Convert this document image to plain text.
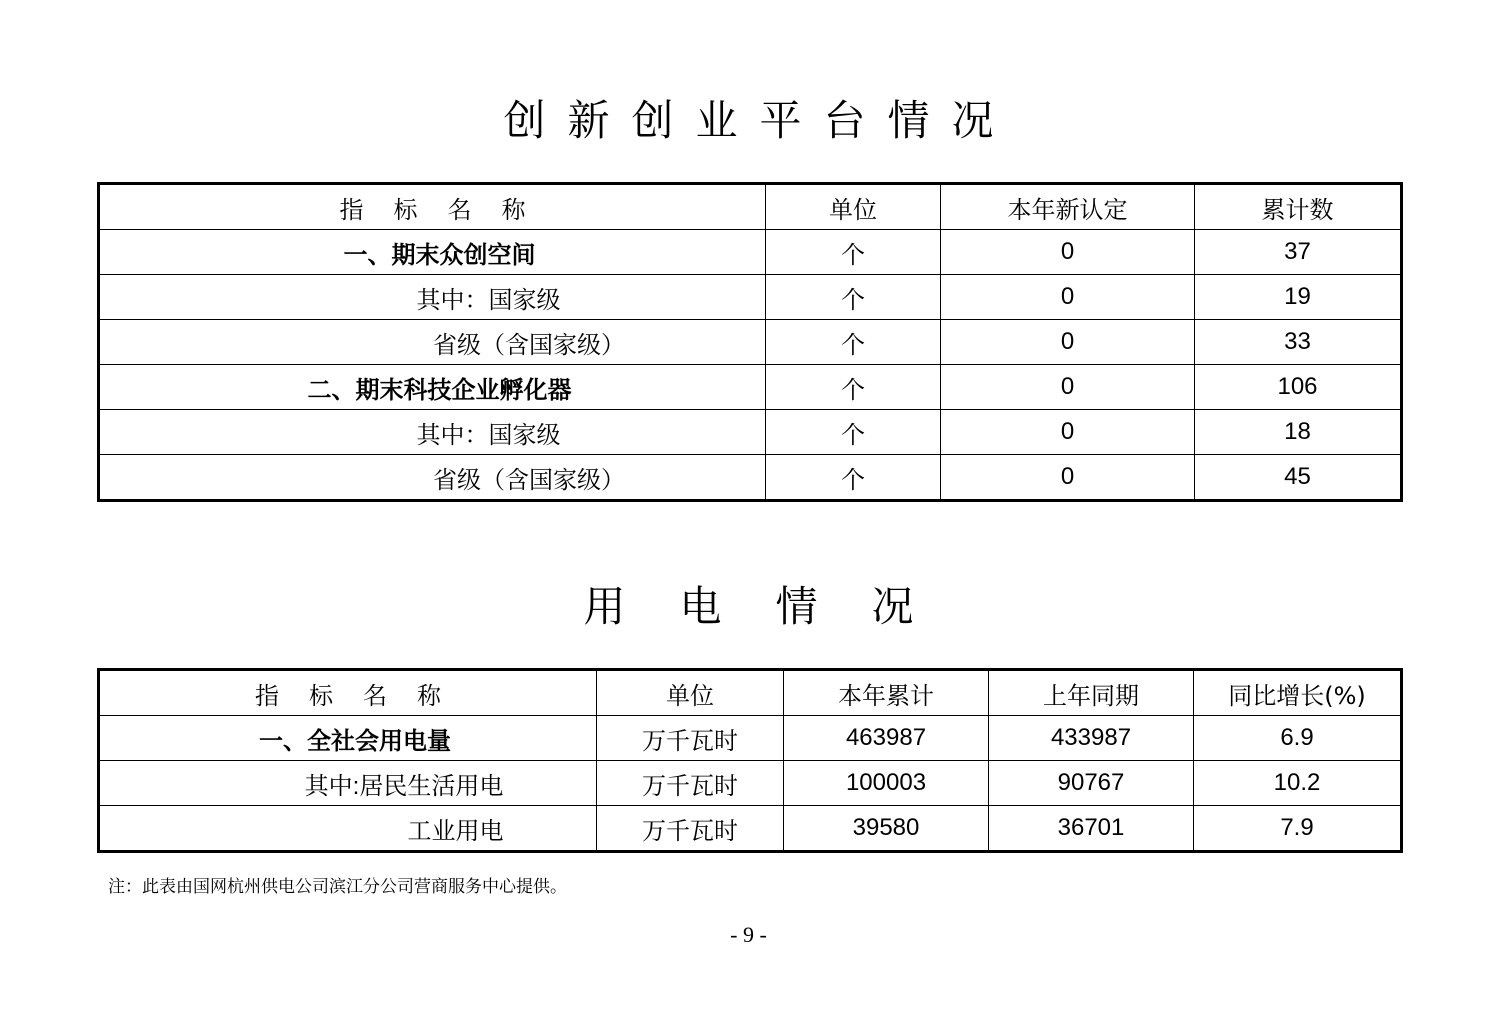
创新创业平台情况
指标名称	单位	本年新认定	累计数
一、期末众创空间	个	0	37
其中：国家级	个	0	19
省级（含国家级）	个	0	33
二、期末科技企业孵化器	个	0	106
其中：国家级	个	0	18
省级（含国家级）	个	0	45
用电情况
指标名称	单位	本年累计	上年同期	同比增长(%)
一、全社会用电量	万千瓦时	463987	433987	6.9
其中:居民生活用电	万千瓦时	100003	90767	10.2
工业用电	万千瓦时	39580	36701	7.9
注：此表由国网杭州供电公司滨江分公司营商服务中心提供。
- 9 -
